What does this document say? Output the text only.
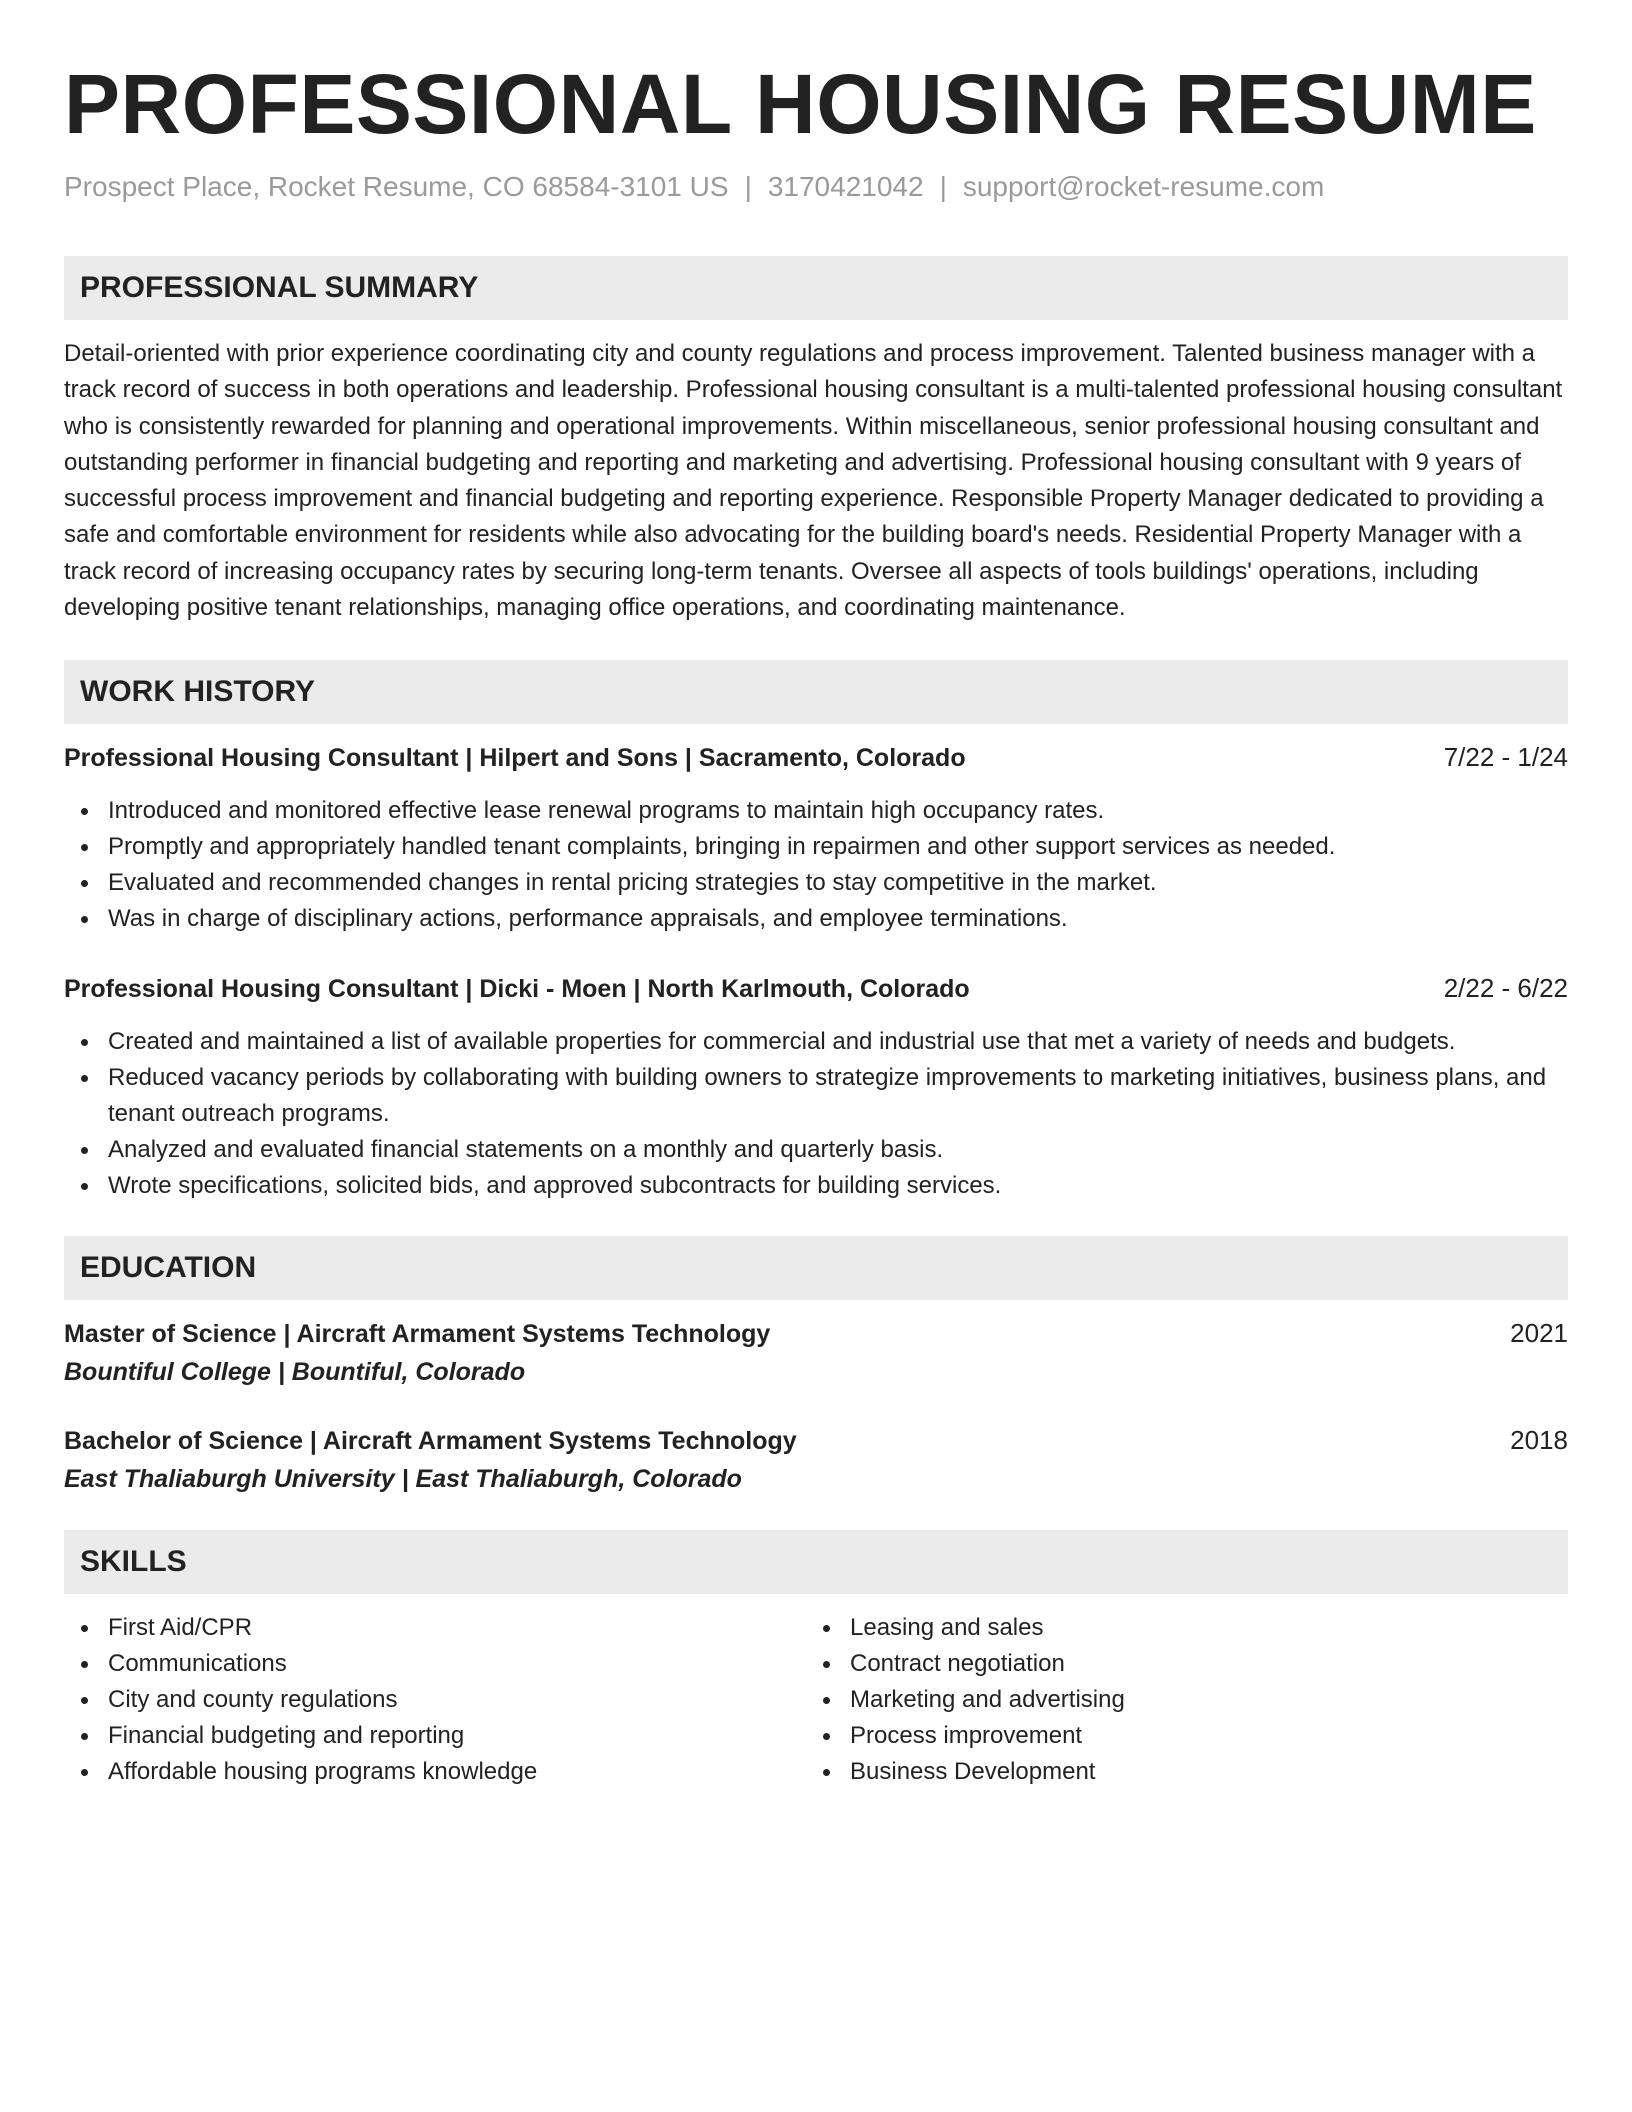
PROFESSIONAL HOUSING RESUME
Prospect Place, Rocket Resume, CO 68584-3101 US | 3170421042 | support@rocket-resume.com
PROFESSIONAL SUMMARY

Detail-oriented with prior experience coordinating city and county regulations and process improvement. Talented business manager with a track record of success in both operations and leadership. Professional housing consultant is a multi-talented professional housing consultant who is consistently rewarded for planning and operational improvements. Within miscellaneous, senior professional housing consultant and outstanding performer in financial budgeting and reporting and marketing and advertising. Professional housing consultant with 9 years of successful process improvement and financial budgeting and reporting experience. Responsible Property Manager dedicated to providing a safe and comfortable environment for residents while also advocating for the building board's needs. Residential Property Manager with a track record of increasing occupancy rates by securing long-term tenants. Oversee all aspects of tools buildings' operations, including developing positive tenant relationships, managing office operations, and coordinating maintenance.

WORK HISTORY
Professional Housing Consultant | Hilpert and Sons | Sacramento, Colorado	7/22 - 1/24
Introduced and monitored effective lease renewal programs to maintain high occupancy rates.
Promptly and appropriately handled tenant complaints, bringing in repairmen and other support services as needed.
Evaluated and recommended changes in rental pricing strategies to stay competitive in the market.
Was in charge of disciplinary actions, performance appraisals, and employee terminations.
Professional Housing Consultant | Dicki - Moen | North Karlmouth, Colorado	2/22 - 6/22
Created and maintained a list of available properties for commercial and industrial use that met a variety of needs and budgets.
Reduced vacancy periods by collaborating with building owners to strategize improvements to marketing initiatives, business plans, and tenant outreach programs.
Analyzed and evaluated financial statements on a monthly and quarterly basis.
Wrote specifications, solicited bids, and approved subcontracts for building services.
EDUCATION
Master of Science | Aircraft Armament Systems Technology	2021
Bountiful College | Bountiful, Colorado
Bachelor of Science | Aircraft Armament Systems Technology	2018
East Thaliaburgh University | East Thaliaburgh, Colorado
SKILLS
First Aid/CPR
Communications
City and county regulations
Financial budgeting and reporting
Affordable housing programs knowledge
Leasing and sales
Contract negotiation
Marketing and advertising
Process improvement
Business Development
